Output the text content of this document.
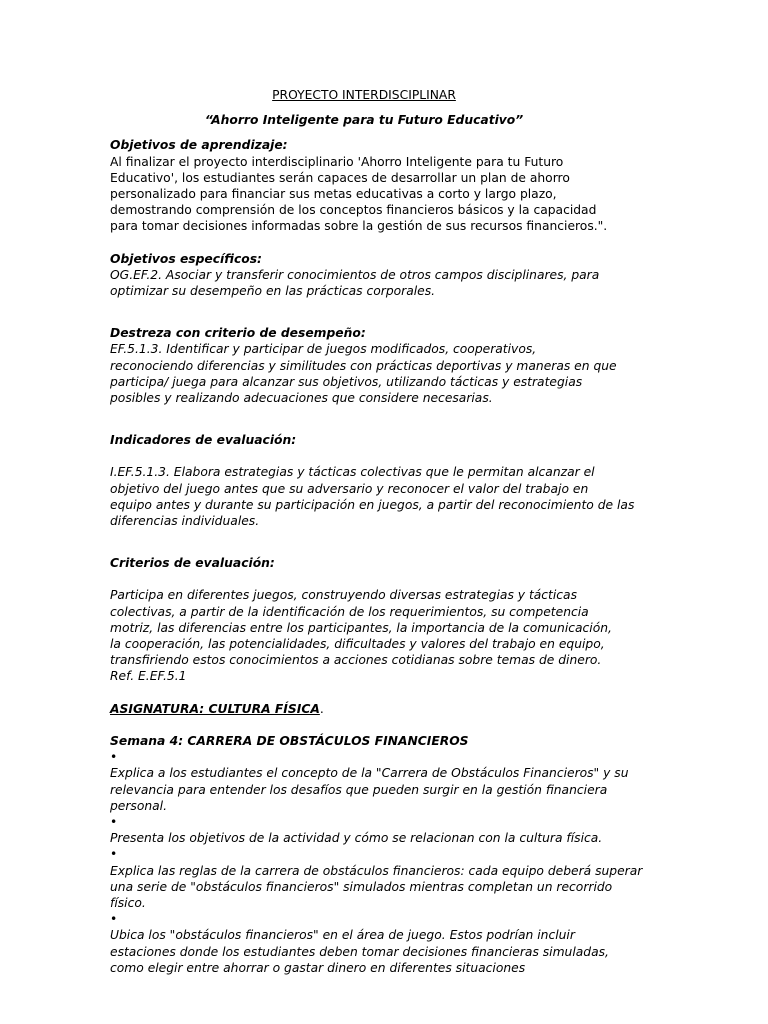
PROYECTO INTERDISCIPLINAR

“Ahorro Inteligente para tu Futuro Educativo”

Objetivos de aprendizaje:
Al finalizar el proyecto interdisciplinario 'Ahorro Inteligente para tu Futuro
Educativo', los estudiantes serán capaces de desarrollar un plan de ahorro
personalizado para financiar sus metas educativas a corto y largo plazo,
demostrando comprensión de los conceptos financieros básicos y la capacidad
para tomar decisiones informadas sobre la gestión de sus recursos financieros.".
Objetivos específicos:
OG.EF.2. Asociar y transferir conocimientos de otros campos disciplinares, para
optimizar su desempeño en las prácticas corporales.
Destreza con criterio de desempeño:
EF.5.1.3. Identificar y participar de juegos modificados, cooperativos,
reconociendo diferencias y similitudes con prácticas deportivas y maneras en que
participa/ juega para alcanzar sus objetivos, utilizando tácticas y estrategias
posibles y realizando adecuaciones que considere necesarias.
Indicadores de evaluación:
I.EF.5.1.3. Elabora estrategias y tácticas colectivas que le permitan alcanzar el
objetivo del juego antes que su adversario y reconocer el valor del trabajo en
equipo antes y durante su participación en juegos, a partir del reconocimiento de las
diferencias individuales.
Criterios de evaluación:
Participa en diferentes juegos, construyendo diversas estrategias y tácticas
colectivas, a partir de la identificación de los requerimientos, su competencia
motriz, las diferencias entre los participantes, la importancia de la comunicación,
la cooperación, las potencialidades, dificultades y valores del trabajo en equipo,
transfiriendo estos conocimientos a acciones cotidianas sobre temas de dinero.
Ref. E.EF.5.1

ASIGNATURA: CULTURA FÍSICA.

Semana 4: CARRERA DE OBSTÁCULOS FINANCIEROS
•
Explica a los estudiantes el concepto de la "Carrera de Obstáculos Financieros" y su
relevancia para entender los desafíos que pueden surgir en la gestión financiera
personal.
•
Presenta los objetivos de la actividad y cómo se relacionan con la cultura física.
•
Explica las reglas de la carrera de obstáculos financieros: cada equipo deberá superar
una serie de "obstáculos financieros" simulados mientras completan un recorrido
físico.
•
Ubica los "obstáculos financieros" en el área de juego. Estos podrían incluir
estaciones donde los estudiantes deben tomar decisiones financieras simuladas,
como elegir entre ahorrar o gastar dinero en diferentes situaciones
